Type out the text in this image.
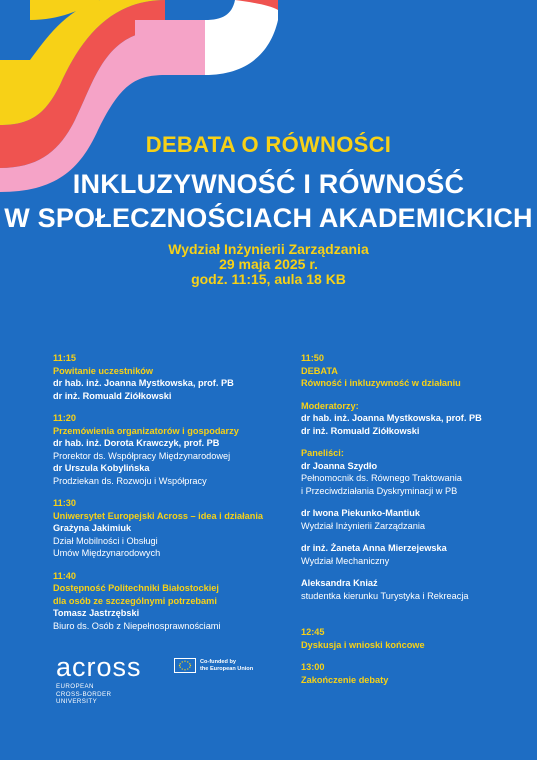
DEBATA O RÓWNOŚCI
INKLUZYWNOŚĆ I RÓWNOŚĆ
W SPOŁECZNOŚCIACH AKADEMICKICH
Wydział Inżynierii Zarządzania
29 maja 2025 r.
godz. 11:15, aula 18 KB
11:15
Powitanie uczestników
dr hab. inż. Joanna Mystkowska, prof. PB
dr inż. Romuald Ziółkowski
11:20
Przemówienia organizatorów i gospodarzy
dr hab. inż. Dorota Krawczyk, prof. PB
Prorektor ds. Współpracy Międzynarodowej
dr Urszula Kobylińska
Prodziekan ds. Rozwoju i Współpracy
11:30
Uniwersytet Europejski Across – idea i działania
Grażyna Jakimiuk
Dział Mobilności i Obsługi
Umów Międzynarodowych
11:40
Dostępność Politechniki Białostockiej
dla osób ze szczególnymi potrzebami
Tomasz Jastrzębski
Biuro ds. Osób z Niepełnosprawnościami
11:50
DEBATA
Równość i inkluzywność w działaniu
Moderatorzy:
dr hab. inż. Joanna Mystkowska, prof. PB
dr inż. Romuald Ziółkowski
Paneliści:
dr Joanna Szydło
Pełnomocnik ds. Równego Traktowania
i Przeciwdziałania Dyskryminacji w PB
dr Iwona Piekunko-Mantiuk
Wydział Inżynierii Zarządzania
dr inż. Żaneta Anna Mierzejewska
Wydział Mechaniczny
Aleksandra Kniaź
studentka kierunku Turystyka i Rekreacja
12:45
Dyskusja i wnioski końcowe
13:00
Zakończenie debaty
across
EUROPEAN
CROSS-BORDER
UNIVERSITY
Co-funded by
the European Union
